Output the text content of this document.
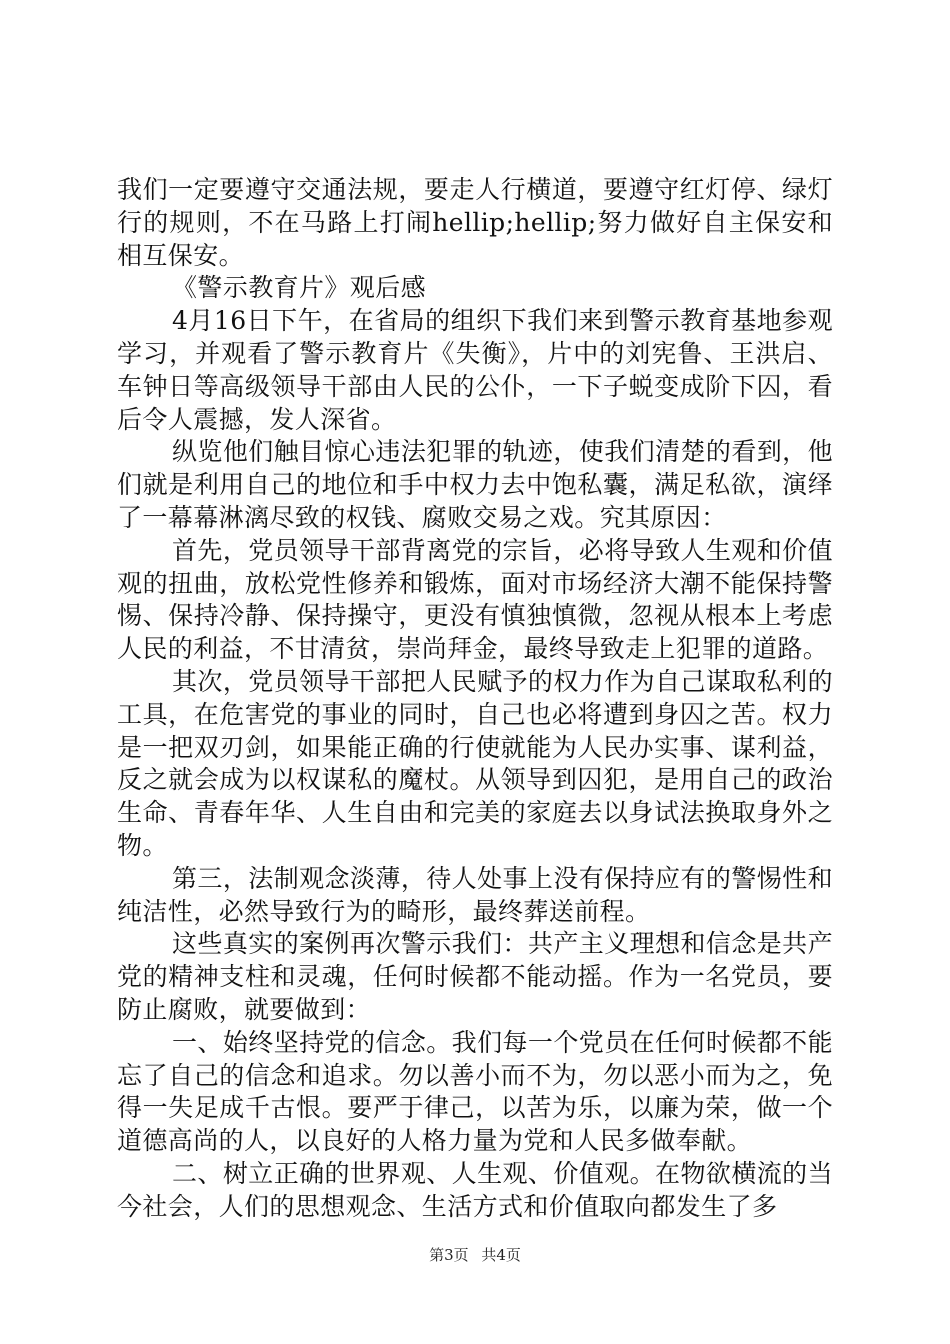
我们一定要遵守交通法规，要走人行横道，要遵守红灯停、绿灯行的规则，不在马路上打闹hellip;hellip;努力做好自主保安和相互保安。

《警示教育片》观后感

4月16日下午，在省局的组织下我们来到警示教育基地参观学习，并观看了警示教育片《失衡》，片中的刘宪鲁、王洪启、车钟日等高级领导干部由人民的公仆，一下子蜕变成阶下囚，看后令人震撼，发人深省。

纵览他们触目惊心违法犯罪的轨迹，使我们清楚的看到，他们就是利用自己的地位和手中权力去中饱私囊，满足私欲，演绎了一幕幕淋漓尽致的权钱、腐败交易之戏。究其原因：

首先，党员领导干部背离党的宗旨，必将导致人生观和价值观的扭曲，放松党性修养和锻炼，面对市场经济大潮不能保持警惕、保持冷静、保持操守，更没有慎独慎微，忽视从根本上考虑人民的利益，不甘清贫，崇尚拜金，最终导致走上犯罪的道路。

其次，党员领导干部把人民赋予的权力作为自己谋取私利的工具，在危害党的事业的同时，自己也必将遭到身囚之苦。权力是一把双刃剑，如果能正确的行使就能为人民办实事、谋利益，反之就会成为以权谋私的魔杖。从领导到囚犯，是用自己的政治生命、青春年华、人生自由和完美的家庭去以身试法换取身外之物。

第三，法制观念淡薄，待人处事上没有保持应有的警惕性和纯洁性，必然导致行为的畸形，最终葬送前程。

这些真实的案例再次警示我们：共产主义理想和信念是共产党的精神支柱和灵魂，任何时候都不能动摇。作为一名党员，要防止腐败，就要做到：

一、始终坚持党的信念。我们每一个党员在任何时候都不能忘了自己的信念和追求。勿以善小而不为，勿以恶小而为之，免得一失足成千古恨。要严于律己，以苦为乐，以廉为荣，做一个道德高尚的人，以良好的人格力量为党和人民多做奉献。

二、树立正确的世界观、人生观、价值观。在物欲横流的当今社会，人们的思想观念、生活方式和价值取向都发生了多

第3页 共4页
